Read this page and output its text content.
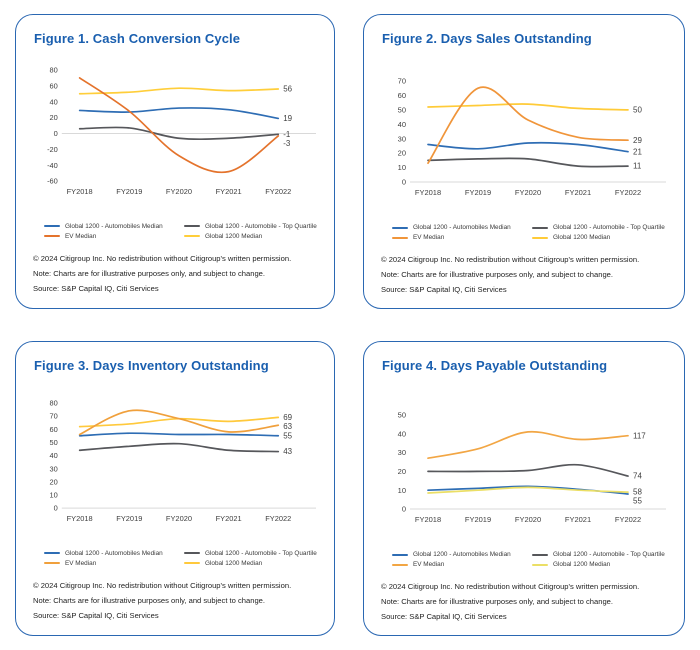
Figure 1. Cash Conversion Cycle
80
60
40
20
0
-20
-40
-60
FY2018	FY2019	FY2020	FY2021	FY2022
56
19
-1
-3
Global 1200 - Automobiles Median	Global 1200 - Automobile - Top Quartile
EV Median	Global 1200 Median

© 2024 Citigroup Inc. No redistribution without Citigroup's written permission.

Note: Charts are for illustrative purposes only, and subject to change.

Source: S&P Capital IQ, Citi Services

Figure 2. Days Sales Outstanding
70
60
50
40
30
20
10
0
FY2018	FY2019	FY2020	FY2021	FY2022
50
29
21
11
Global 1200 - Automobiles Median	Global 1200 - Automobile - Top Quartile
EV Median	Global 1200 Median

© 2024 Citigroup Inc. No redistribution without Citigroup's written permission.

Note: Charts are for illustrative purposes only, and subject to change.

Source: S&P Capital IQ, Citi Services

Figure 3. Days Inventory Outstanding
80
70
60
50
40
30
20
10
0
FY2018	FY2019	FY2020	FY2021	FY2022
69
63
55
43
Global 1200 - Automobiles Median	Global 1200 - Automobile - Top Quartile
EV Median	Global 1200 Median

© 2024 Citigroup Inc. No redistribution without Citigroup's written permission.

Note: Charts are for illustrative purposes only, and subject to change.

Source: S&P Capital IQ, Citi Services

Figure 4. Days Payable Outstanding
50
40
30
20
10
0
FY2018	FY2019	FY2020	FY2021	FY2022
117
74
58
55
Global 1200 - Automobiles Median	Global 1200 - Automobile - Top Quartile
EV Median	Global 1200 Median

© 2024 Citigroup Inc. No redistribution without Citigroup's written permission.

Note: Charts are for illustrative purposes only, and subject to change.

Source: S&P Capital IQ, Citi Services
